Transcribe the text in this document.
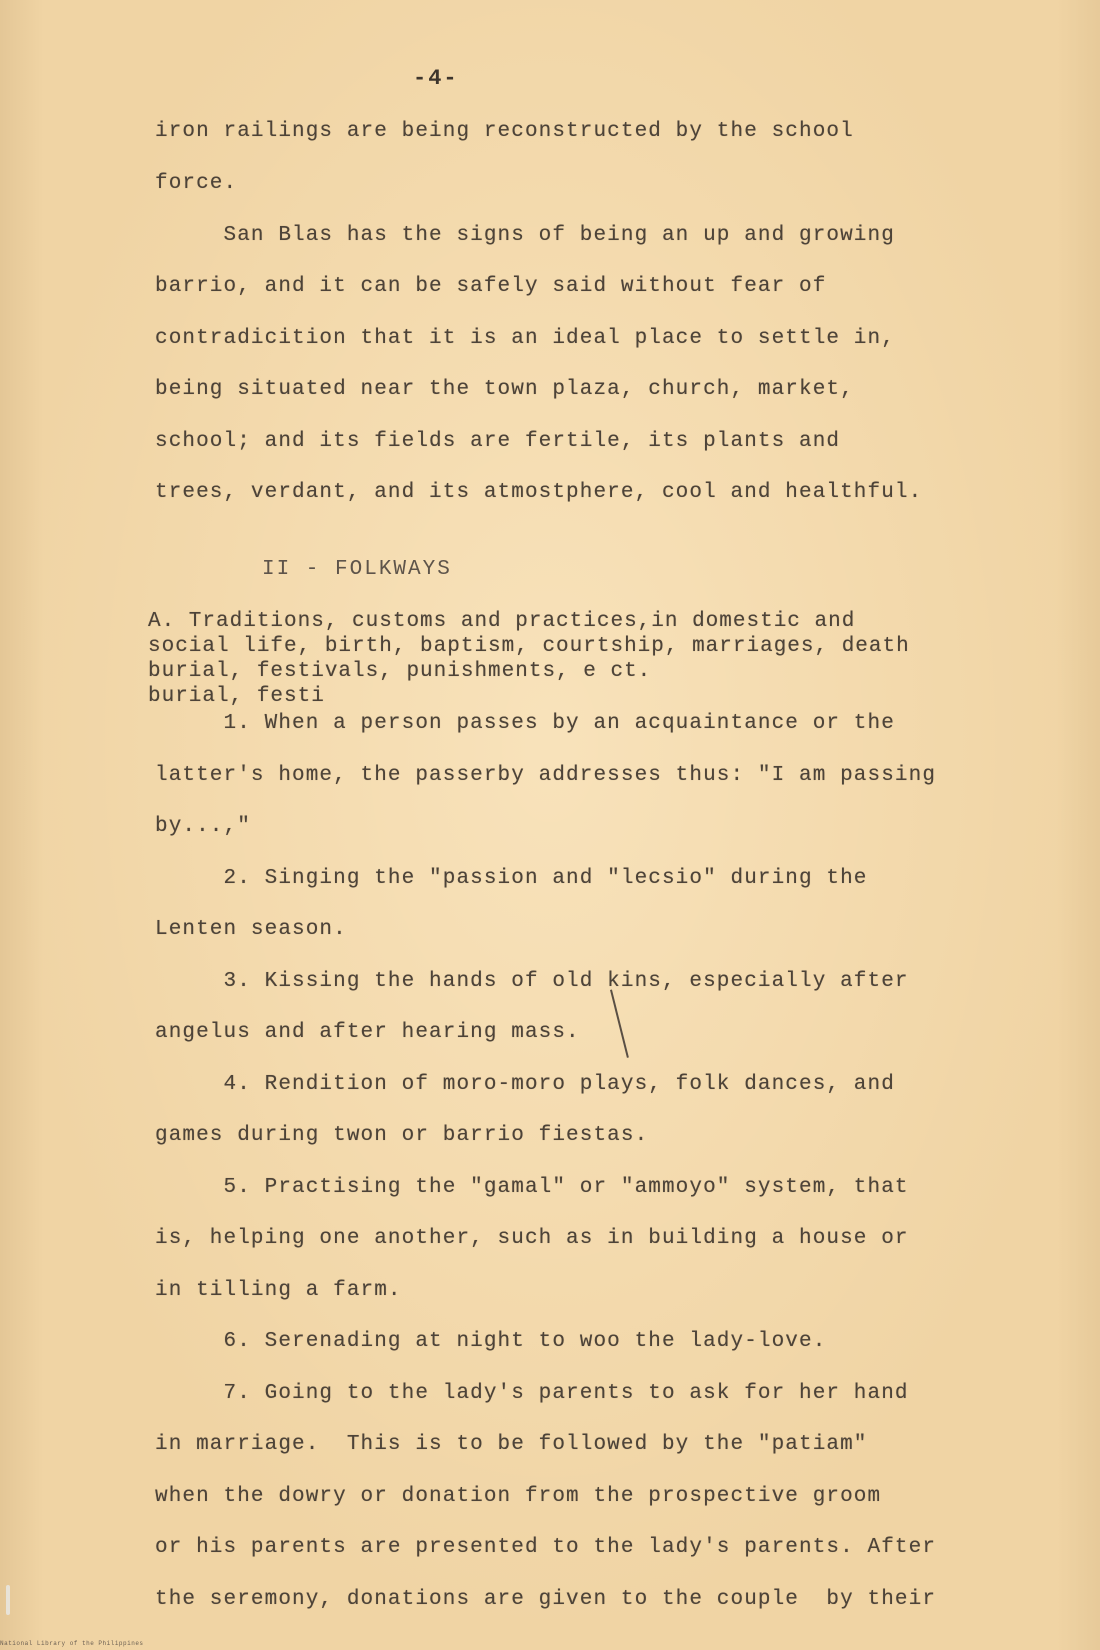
-4-
iron railings are being reconstructed by the school
force.
San Blas has the signs of being an up and growing
barrio, and it can be safely said without fear of
contradicition that it is an ideal place to settle in,
being situated near the town plaza, church, market,
school; and its fields are fertile, its plants and
trees, verdant, and its atmostphere, cool and healthful.
II - FOLKWAYS
A. Traditions, customs and practices,in domestic and
social life, birth, baptism, courtship, marriages, death
burial, festivals, punishments, e ct.
burial, festi
1. When a person passes by an acquaintance or the
latter's home, the passerby addresses thus: "I am passing
by...,"
2. Singing the "passion and "lecsio" during the
Lenten season.
3. Kissing the hands of old kins, especially after
angelus and after hearing mass.
4. Rendition of moro-moro plays, folk dances, and
games during twon or barrio fiestas.
5. Practising the "gamal" or "ammoyo" system, that
is, helping one another, such as in building a house or
in tilling a farm.
6. Serenading at night to woo the lady-love.
7. Going to the lady's parents to ask for her hand
in marriage.  This is to be followed by the "patiam"
when the dowry or donation from the prospective groom
or his parents are presented to the lady's parents. After
the seremony, donations are given to the couple  by their
National Library of the Philippines
